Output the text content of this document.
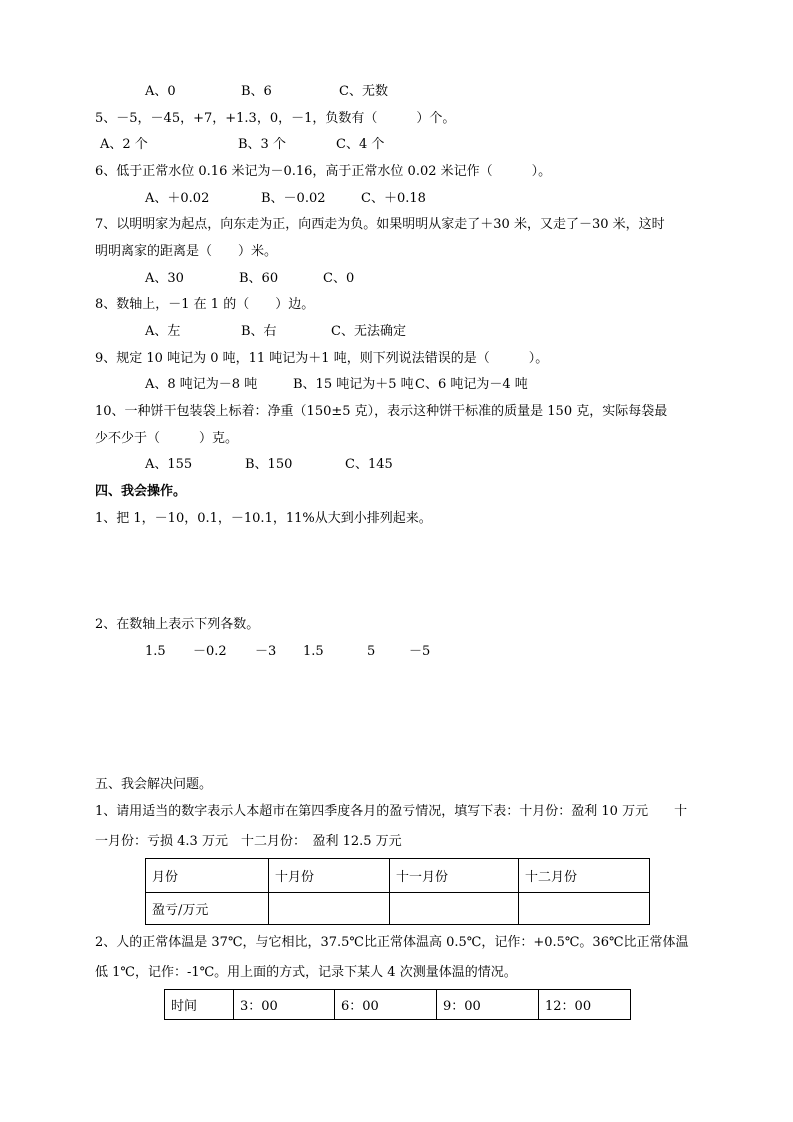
A、0	B、6	C、无数
5、－5，－45，+7，+1.3，0，－1，负数有（　　　）个。
A、2 个	B、3 个	C、4 个
6、低于正常水位 0.16 米记为－0.16，高于正常水位 0.02 米记作（　　　）。
A、＋0.02	B、－0.02	C、＋0.18
7、以明明家为起点，向东走为正，向西走为负。如果明明从家走了＋30 米，又走了－30 米，这时
明明离家的距离是（　　）米。
A、30	B、60	C、0
8、数轴上，－1 在 1 的（　　）边。
A、左	B、右	C、无法确定
9、规定 10 吨记为 0 吨，11 吨记为＋1 吨，则下列说法错误的是（　　　）。
A、8 吨记为－8 吨	B、15 吨记为＋5 吨C、6 吨记为－4 吨
10、一种饼干包装袋上标着：净重（150±5 克），表示这种饼干标准的质量是 150 克，实际每袋最
少不少于（　　　）克。
A、155	B、150	C、145
四、我会操作。
1、把 1，－10，0.1，－10.1，11%从大到小排列起来。
2、在数轴上表示下列各数。
1.5 －0.2 －3 1.5	5	－5
五、我会解决问题。
1、请用适当的数字表示人本超市在第四季度各月的盈亏情况，填写下表：十月份：盈利 10 万元　　十
一月份：亏损 4.3 万元　十二月份：　盈利 12.5 万元
月份	十月份	十一月份	十二月份
盈亏/万元			
2、人的正常体温是 37℃，与它相比，37.5℃比正常体温高 0.5℃，记作：+0.5℃。36℃比正常体温
低 1℃，记作：-1℃。用上面的方式，记录下某人 4 次测量体温的情况。
时间	3：00	6：00	9：00	12：00
